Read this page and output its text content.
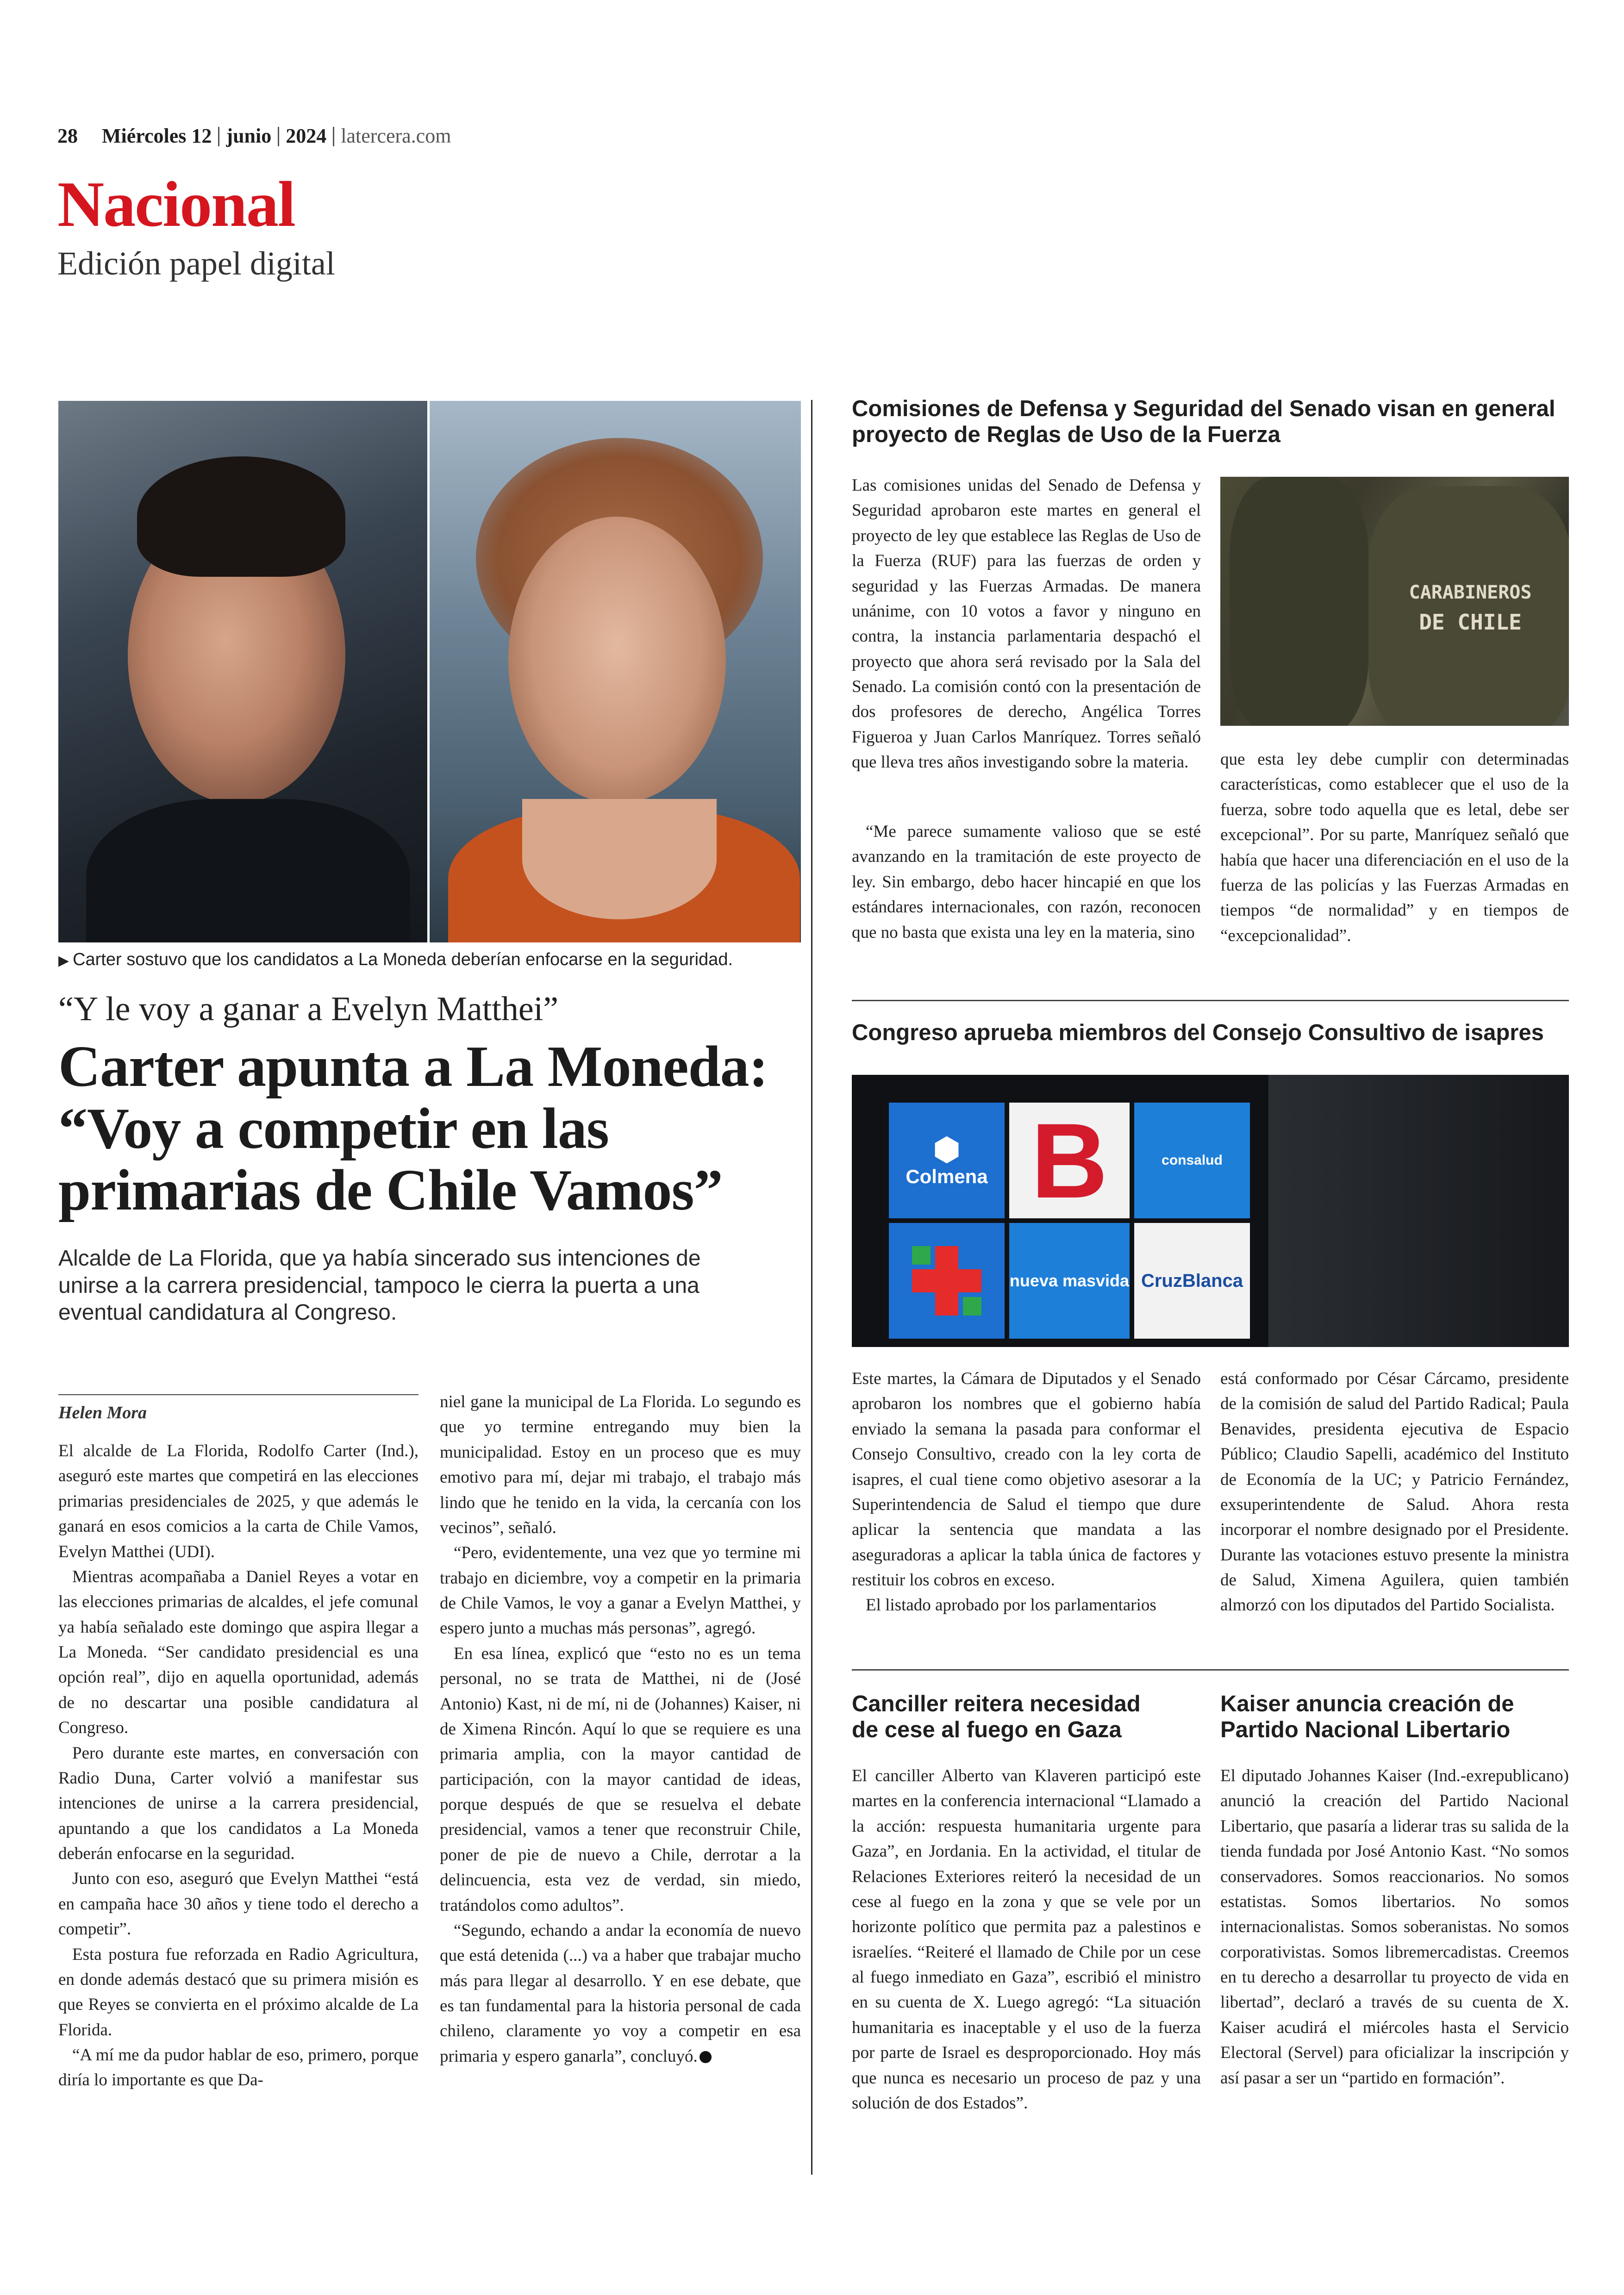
28 Miércoles 12 junio 2024 latercera.com
Nacional
Edición papel digital
▶ Carter sostuvo que los candidatos a La Moneda deberían enfocarse en la seguridad.
“Y le voy a ganar a Evelyn Matthei”
Carter apunta a La Moneda:
“Voy a competir en las
primarias de Chile Vamos”
Alcalde de La Florida, que ya había sincerado sus intenciones de unirse a la carrera presidencial, tampoco le cierra la puerta a una eventual candidatura al Congreso.
Helen Mora

El alcalde de La Florida, Rodolfo Carter (Ind.), aseguró este martes que competirá en las elecciones primarias presidenciales de 2025, y que además le ganará en esos comicios a la carta de Chile Vamos, Evelyn Matthei (UDI).

Mientras acompañaba a Daniel Reyes a votar en las elecciones primarias de alcaldes, el jefe comunal ya había señalado este domingo que aspira llegar a La Moneda. “Ser candidato presidencial es una opción real”, dijo en aquella oportunidad, además de no descartar una posible candidatura al Congreso.

Pero durante este martes, en conversación con Radio Duna, Carter volvió a manifestar sus intenciones de unirse a la carrera presidencial, apuntando a que los candidatos a La Moneda deberán enfocarse en la seguridad.

Junto con eso, aseguró que Evelyn Matthei “está en campaña hace 30 años y tiene todo el derecho a competir”.

Esta postura fue reforzada en Radio Agricultura, en donde además destacó que su primera misión es que Reyes se convierta en el próximo alcalde de La Florida.

“A mí me da pudor hablar de eso, primero, porque diría lo importante es que Da-

niel gane la municipal de La Florida. Lo segundo es que yo termine entregando muy bien la municipalidad. Estoy en un proceso que es muy emotivo para mí, dejar mi trabajo, el trabajo más lindo que he tenido en la vida, la cercanía con los vecinos”, señaló.

“Pero, evidentemente, una vez que yo termine mi trabajo en diciembre, voy a competir en la primaria de Chile Vamos, le voy a ganar a Evelyn Matthei, y espero junto a muchas más personas”, agregó.

En esa línea, explicó que “esto no es un tema personal, no se trata de Matthei, ni de (José Antonio) Kast, ni de mí, ni de (Johannes) Kaiser, ni de Ximena Rincón. Aquí lo que se requiere es una primaria amplia, con la mayor cantidad de participación, con la mayor cantidad de ideas, porque después de que se resuelva el debate presidencial, vamos a tener que reconstruir Chile, poner de pie de nuevo a Chile, derrotar a la delincuencia, esta vez de verdad, sin miedo, tratándolos como adultos”.

“Segundo, echando a andar la economía de nuevo que está detenida (...) va a haber que trabajar mucho más para llegar al desarrollo. Y en ese debate, que es tan fundamental para la historia personal de cada chileno, claramente yo voy a competir en esa primaria y espero ganarla”, concluyó.

Comisiones de Defensa y Seguridad del Senado visan en general proyecto de Reglas de Uso de la Fuerza
CARABINEROS
DE CHILE

Las comisiones unidas del Senado de Defensa y Seguridad aprobaron este martes en general el proyecto de ley que establece las Reglas de Uso de la Fuerza (RUF) para las fuerzas de orden y seguridad y las Fuerzas Armadas. De manera unánime, con 10 votos a favor y ninguno en contra, la instancia parlamentaria despachó el proyecto que ahora será revisado por la Sala del Senado. La comisión contó con la presentación de dos profesores de derecho, Angélica Torres Figueroa y Juan Carlos Manríquez. Torres señaló que lleva tres años investigando sobre la materia.

“Me parece sumamente valioso que se esté avanzando en la tramitación de este proyecto de ley. Sin embargo, debo hacer hincapié en que los estándares internacionales, con razón, reconocen que no basta que exista una ley en la materia, sino

que esta ley debe cumplir con determinadas características, como establecer que el uso de la fuerza, sobre todo aquella que es letal, debe ser excepcional”. Por su parte, Manríquez señaló que había que hacer una diferenciación en el uso de la fuerza de las policías y las Fuerzas Armadas en tiempos “de normalidad” y en tiempos de “excepcionalidad”.

Congreso aprueba miembros del Consejo Consultivo de isapres
⬢
Colmena B	consalud
nueva masvida CruzBlanca

Este martes, la Cámara de Diputados y el Senado aprobaron los nombres que el gobierno había enviado la semana la pasada para conformar el Consejo Consultivo, creado con la ley corta de isapres, el cual tiene como objetivo asesorar a la Superintendencia de Salud el tiempo que dure aplicar la sentencia que mandata a las aseguradoras a aplicar la tabla única de factores y restituir los cobros en exceso.

El listado aprobado por los parlamentarios

está conformado por César Cárcamo, presidente de la comisión de salud del Partido Radical; Paula Benavides, presidenta ejecutiva de Espacio Público; Claudio Sapelli, académico del Instituto de Economía de la UC; y Patricio Fernández, exsuperintendente de Salud. Ahora resta incorporar el nombre designado por el Presidente. Durante las votaciones estuvo presente la ministra de Salud, Ximena Aguilera, quien también almorzó con los diputados del Partido Socialista.

Canciller reitera necesidad
de cese al fuego en Gaza
Kaiser anuncia creación de
Partido Nacional Libertario

El canciller Alberto van Klaveren participó este martes en la conferencia internacional “Llamado a la acción: respuesta humanitaria urgente para Gaza”, en Jordania. En la actividad, el titular de Relaciones Exteriores reiteró la necesidad de un cese al fuego en la zona y que se vele por un horizonte político que permita paz a palestinos e israelíes. “Reiteré el llamado de Chile por un cese al fuego inmediato en Gaza”, escribió el ministro en su cuenta de X. Luego agregó: “La situación humanitaria es inaceptable y el uso de la fuerza por parte de Israel es desproporcionado. Hoy más que nunca es necesario un proceso de paz y una solución de dos Estados”.

El diputado Johannes Kaiser (Ind.-exrepublicano) anunció la creación del Partido Nacional Libertario, que pasaría a liderar tras su salida de la tienda fundada por José Antonio Kast. “No somos conservadores. Somos reaccionarios. No somos estatistas. Somos libertarios. No somos internacionalistas. Somos soberanistas. No somos corporativistas. Somos libremercadistas. Creemos en tu derecho a desarrollar tu proyecto de vida en libertad”, declaró a través de su cuenta de X. Kaiser acudirá el miércoles hasta el Servicio Electoral (Servel) para oficializar la inscripción y así pasar a ser un “partido en formación”.
